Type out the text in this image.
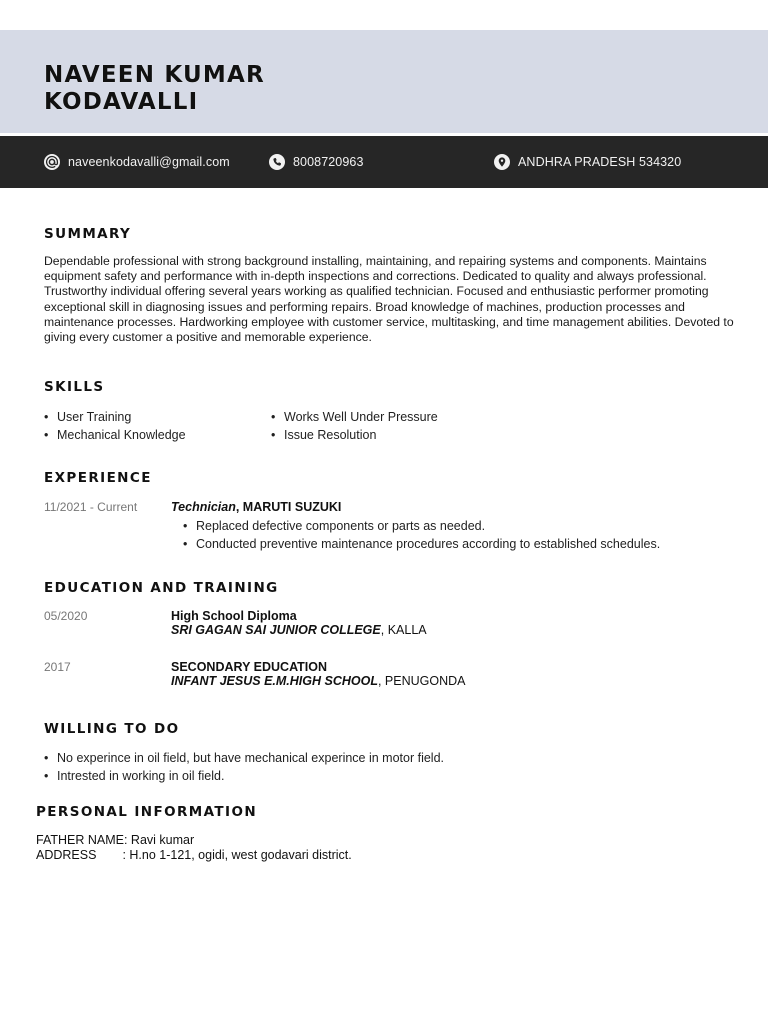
NAVEEN KUMAR
KODAVALLI
naveenkodavalli@gmail.com	8008720963	ANDHRA PRADESH 534320
SUMMARY

Dependable professional with strong background installing, maintaining, and repairing systems and components. Maintains equipment safety and performance with in-depth inspections and corrections. Dedicated to quality and always professional. Trustworthy individual offering several years working as qualified technician. Focused and enthusiastic performer promoting exceptional skill in diagnosing issues and performing repairs. Broad knowledge of machines, production processes and maintenance processes. Hardworking employee with customer service, multitasking, and time management abilities. Devoted to giving every customer a positive and memorable experience.

SKILLS
• User Training
• Mechanical Knowledge
• Works Well Under Pressure
• Issue Resolution
EXPERIENCE
11/2021 - Current	Technician, MARUTI SUZUKI
• Replaced defective components or parts as needed.
• Conducted preventive maintenance procedures according to established schedules.
EDUCATION AND TRAINING
05/2020	High School Diploma
SRI GAGAN SAI JUNIOR COLLEGE, KALLA
2017	SECONDARY EDUCATION
INFANT JESUS E.M.HIGH SCHOOL, PENUGONDA
WILLING TO DO
• No experince in oil field, but have mechanical experince in motor field.
• Intrested in working in oil field.
PERSONAL INFORMATION
FATHER NAME: Ravi kumar
ADDRESS : H.no 1-121, ogidi, west godavari district.
